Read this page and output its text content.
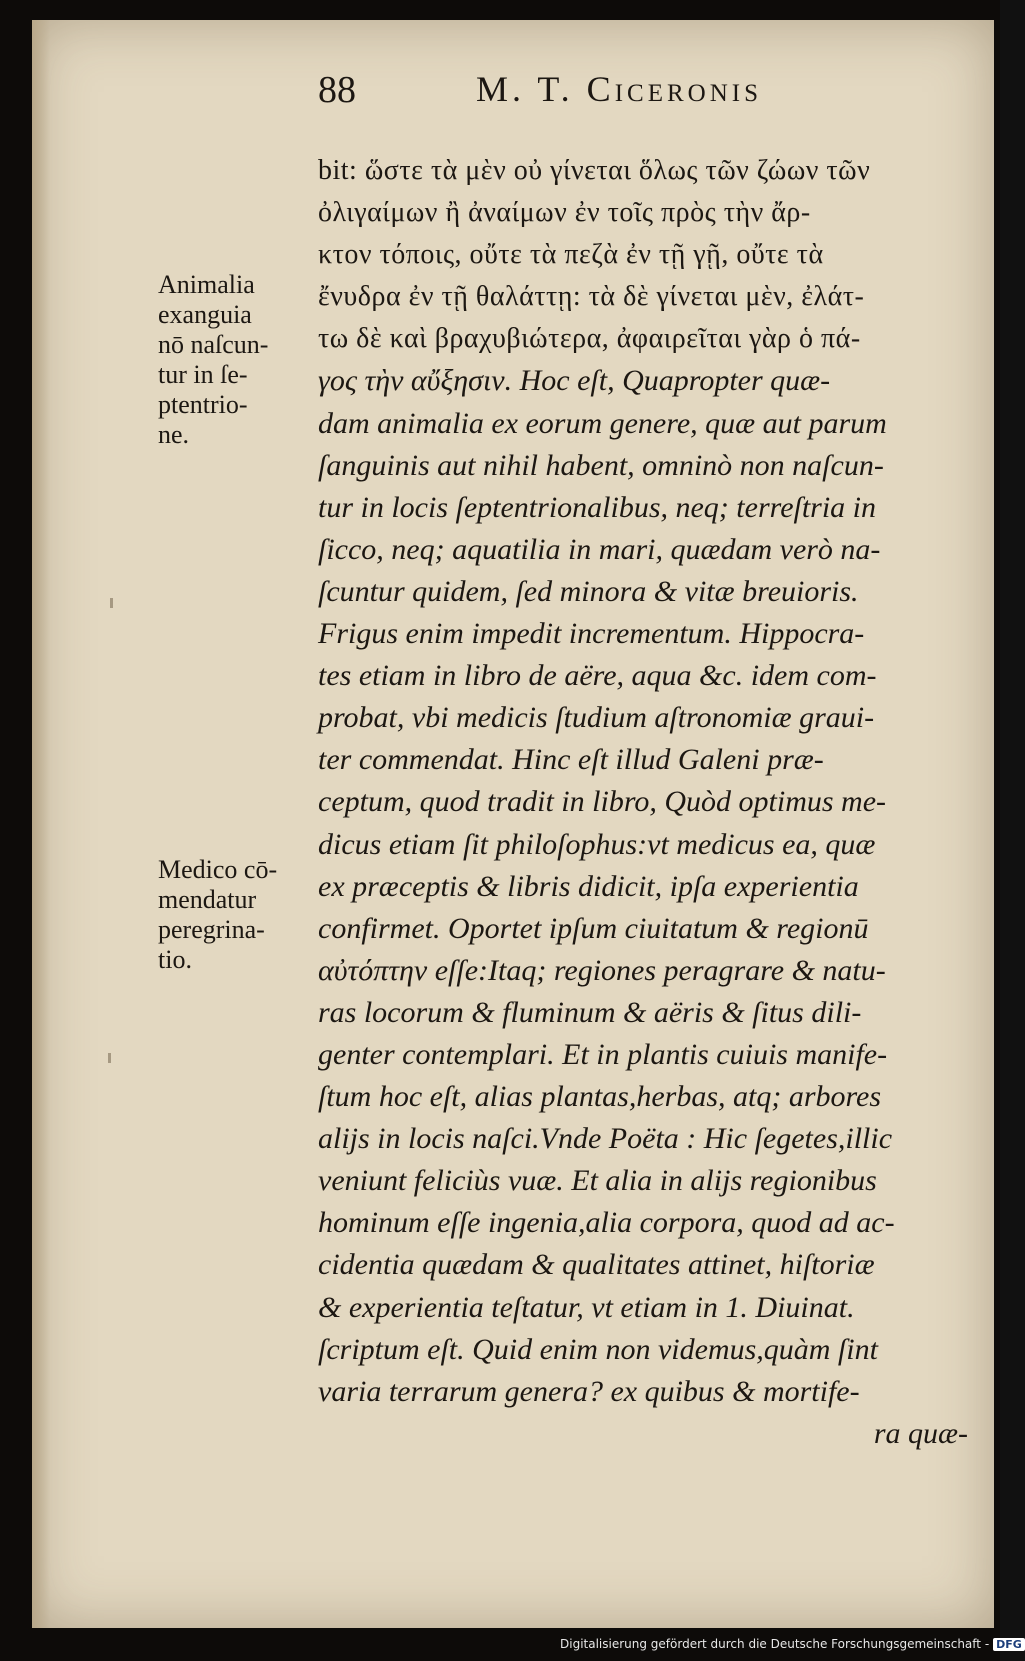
88	M. T. Ciceronis
Animalia
exanguia
nō naſcun-
tur in ſe-
ptentrio-
ne.
Medico cō-
mendatur
peregrina-
tio.
bit: ὥστε τὰ μὲν οὐ γίνεται ὅλως τῶν ζώων τῶν
ὀλιγαίμων ἢ ἀναίμων ἐν τοῖς πρὸς τὴν ἄρ-
κτον τόποις, οὔτε τὰ πεζὰ ἐν τῇ γῇ, οὔτε τὰ
ἔνυδρα ἐν τῇ θαλάττῃ: τὰ δὲ γίνεται μὲν, ἐλάτ-
τω δὲ καὶ βραχυβιώτερα, ἀφαιρεῖται γὰρ ὁ πά-
γος τὴν αὔξησιν. Hoc eſt, Quapropter quæ-
dam animalia ex eorum genere, quæ aut parum
ſanguinis aut nihil habent, omninò non naſcun-
tur in locis ſeptentrionalibus, neq; terreſtria in
ſicco, neq; aquatilia in mari, quædam verò na-
ſcuntur quidem, ſed minora & vitæ breuioris.
Frigus enim impedit incrementum. Hippocra-
tes etiam in libro de aëre, aqua &c. idem com-
probat, vbi medicis ſtudium aſtronomiæ graui-
ter commendat. Hinc eſt illud Galeni præ-
ceptum, quod tradit in libro, Quòd optimus me-
dicus etiam ſit philoſophus:vt medicus ea, quæ
ex præceptis & libris didicit, ipſa experientia
confirmet. Oportet ipſum ciuitatum & regionū
αὐτόπτην eſſe:Itaq; regiones peragrare & natu-
ras locorum & fluminum & aëris & ſitus dili-
genter contemplari. Et in plantis cuiuis manife-
ſtum hoc eſt, alias plantas,herbas, atq; arbores
alijs in locis naſci.Vnde Poëta : Hic ſegetes,illic
veniunt feliciùs vuæ. Et alia in alijs regionibus
hominum eſſe ingenia,alia corpora, quod ad ac-
cidentia quædam & qualitates attinet, hiſtoriæ
& experientia teſtatur, vt etiam in 1. Diuinat.
ſcriptum eſt. Quid enim non videmus,quàm ſint
varia terrarum genera? ex quibus & mortife-
ra quæ-
Digitalisierung gefördert durch die Deutsche Forschungsgemeinschaft - DFG
